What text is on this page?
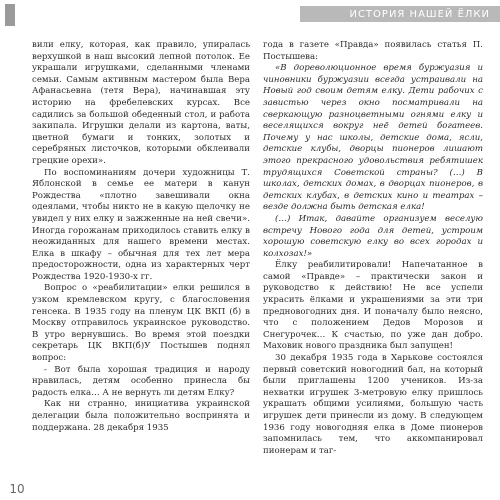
ИСТОРИЯ НАШЕЙ ЁЛКИ

вили елку, которая, как правило, упиралась верхушкой в наш высокий лепной потолок. Ее украшали игрушками, сделанными членами семьи. Самым активным мастером была Вера Афанасьевна (тетя Вера), начинавшая эту историю на фребелевских курсах. Все садились за большой обеденный стол, и работа закипала. Игрушки делали из картона, ваты, цветной бумаги и тонких, золотых и серебряных листочков, которыми обклеивали грецкие орехи».

По воспоминаниям дочери художницы Т. Яблонской в семье ее матери в канун Рождества «плотно завешивали окна одеялами, чтобы никто не в какую щелочку не увидел у них елку и зажженные на ней свечи». Иногда горожанам приходилось ставить елку в неожиданных для нашего времени местах. Елка в шкафу – обычная для тех лет мера предосторожности, одна из характерных черт Рождества 1920-1930-х гг.

Вопрос о «реабилитации» елки решился в узком кремлевском кругу, с благословения генсека. В 1935 году на пленум ЦК ВКП (б) в Москву отправилось украинское руководство. В утро вернувшись. Во время этой поездки секретарь ЦК ВКП(б)У Постышев поднял вопрос:

- Вот была хорошая традиция и народу нравилась, детям особенно принесла бы радость елка… А не вернуть ли детям Елку?

Как ни странно, инициатива украинской делегации была положительно воспринята и поддержана. 28 декабря 1935

года в газете «Правда» появилась статья П. Постышева:

«В дореволюционное время буржуазия и чиновники буржуазии всегда устраивали на Новый год своим детям елку. Дети рабочих с завистью через окно посматривали на сверкающую разноцветными огнями елку и веселящихся вокруг неё детей богатеев. Почему у нас школы, детские дома, ясли, детские клубы, дворцы пионеров лишают этого прекрасного удовольствия ребятишек трудящихся Советской страны? (…) В школах, детских домах, в дворцах пионеров, в детских клубах, в детских кино и театрах – везде должна быть детская елка!

(…) Итак, давайте организуем веселую встречу Нового года для детей, устроим хорошую советскую елку во всех городах и колхозах!»

Ёлку реабилитировали! Напечатанное в самой «Правде» – практически закон и руководство к действию! Не все успели украсить ёлками и украшениями за эти три предновогодних дня. И поначалу было неясно, что с положением Дедов Морозов и Снегурочек… К счастью, по уже дан добро. Маховик нового праздника был запущен!

30 декабря 1935 года в Харькове состоялся первый советский новогодний бал, на который были приглашены 1200 учеников. Из-за нехватки игрушек 3-метровую елку пришлось украшать общими усилиями, большую часть игрушек дети принесли из дому. В следующем 1936 году новогодняя елка в Доме пионеров запомнилась тем, что аккомпанировал пионерам и таг-

10
